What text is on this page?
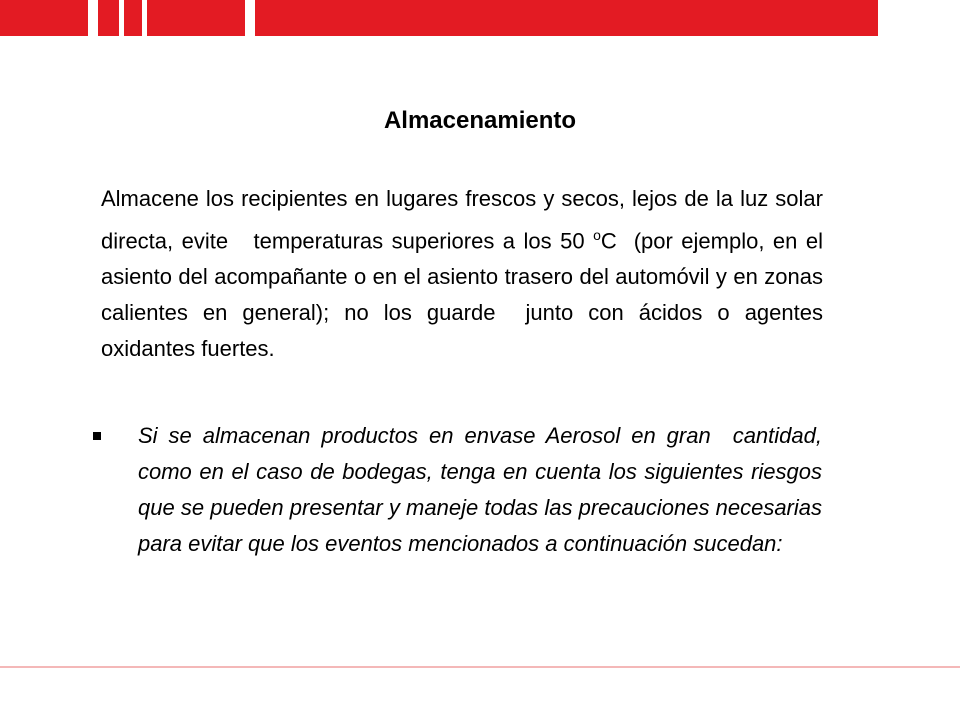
Almacenamiento
Almacene los recipientes en lugares frescos y secos, lejos de la luz solar directa, evite   temperaturas superiores a los 50 $^o$C  (por ejemplo, en el asiento del acompañante o en el asiento trasero del automóvil y en zonas calientes en general); no los guarde  junto con ácidos o agentes oxidantes fuertes.
Si se almacenan productos en envase Aerosol en gran  cantidad, como en el caso de bodegas, tenga en cuenta los siguientes riesgos que se pueden presentar y maneje todas las precauciones necesarias para evitar que los eventos mencionados a continuación sucedan:
